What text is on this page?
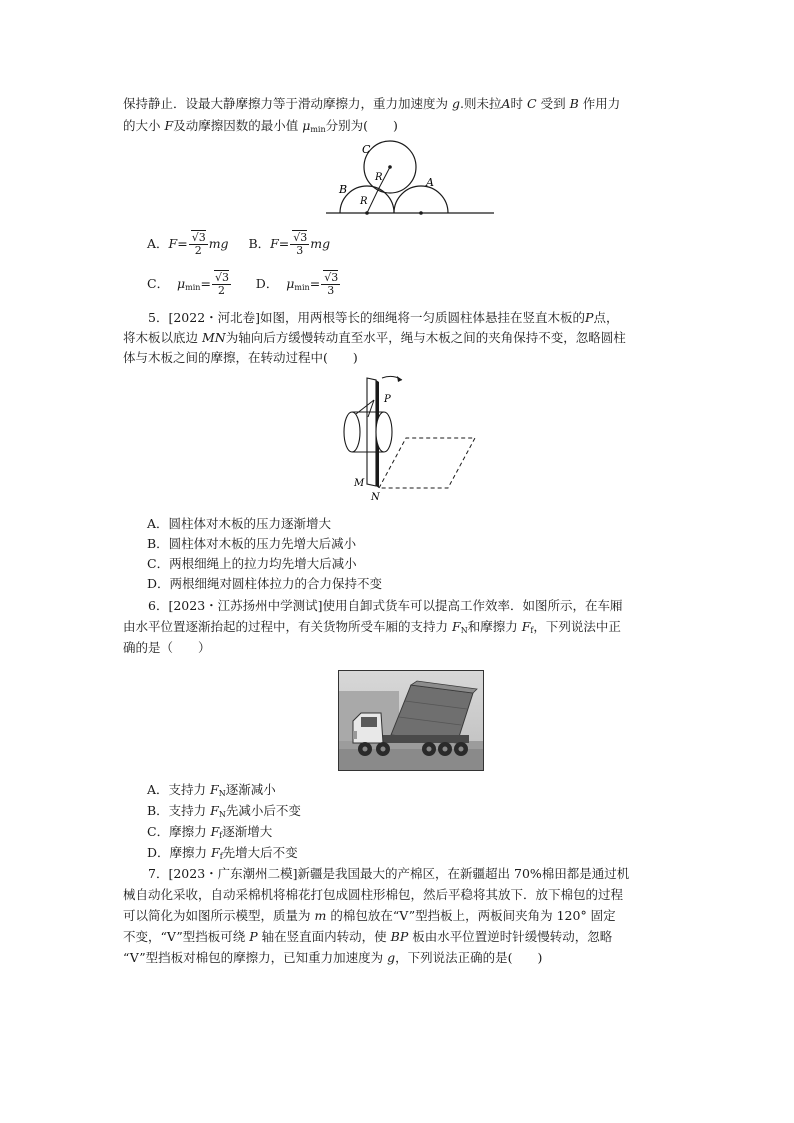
保持静止．设最大静摩擦力等于滑动摩擦力，重力加速度为 g.则未拉A时 C 受到 B 作用力
的大小 F及动摩擦因数的最小值 $\mu_{min}$分别为(　　)
C
B
A
R
R
A．$F= \frac{√3}{2}$ mg B．$F= \frac{√3}{3}$ mg
C． $\mu_{min}= \frac{√3}{2}$ D． $\mu_{min}= \frac{√3}{3}$
5．[2022・河北卷]如图，用两根等长的细绳将一匀质圆柱体悬挂在竖直木板的P点，
将木板以底边 MN为轴向后方缓慢转动直至水平，绳与木板之间的夹角保持不变，忽略圆柱
体与木板之间的摩擦，在转动过程中(　　)
P
M
N
A．圆柱体对木板的压力逐渐增大
B．圆柱体对木板的压力先增大后减小
C．两根细绳上的拉力均先增大后减小
D．两根细绳对圆柱体拉力的合力保持不变
6．[2023・江苏扬州中学测试]使用自卸式货车可以提高工作效率．如图所示，在车厢
由水平位置逐渐抬起的过程中，有关货物所受车厢的支持力 $F_N$和摩擦力 $F_f$，下列说法中正
确的是（　　）
A．支持力 $F_N$逐渐减小
B．支持力 $F_N$先减小后不变
C．摩擦力 $F_f$逐渐增大
D．摩擦力 $F_f$先增大后不变
7．[2023・广东潮州二模]新疆是我国最大的产棉区，在新疆超出 70%棉田都是通过机
械自动化采收，自动采棉机将棉花打包成圆柱形棉包，然后平稳将其放下．放下棉包的过程
可以简化为如图所示模型，质量为 m 的棉包放在“V”型挡板上，两板间夹角为 120° 固定
不变，“V”型挡板可绕 P 轴在竖直面内转动，使 BP 板由水平位置逆时针缓慢转动，忽略
“V”型挡板对棉包的摩擦力，已知重力加速度为 g，下列说法正确的是(　　)
